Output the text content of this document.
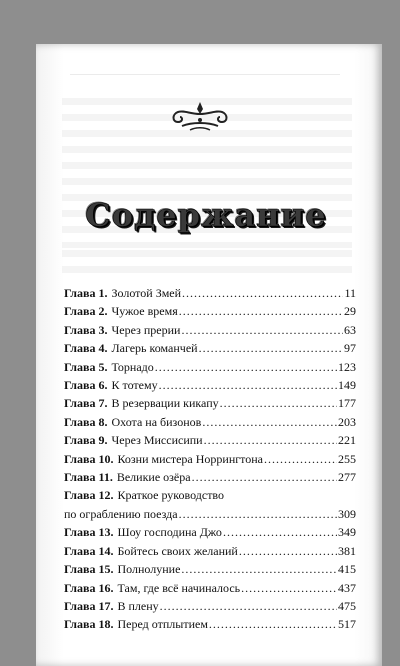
Содержание
Глава 1. Золотой Змей .....	11
Глава 2. Чужое время .....	29
Глава 3. Через прерии .....	63
Глава 4. Лагерь команчей .....	97
Глава 5. Торнадо .....	123
Глава 6. К тотему .....	149
Глава 7. В резервации кикапу .....	177
Глава 8. Охота на бизонов .....	203
Глава 9. Через Миссисипи .....	221
Глава 10. Козни мистера Норрингтона .....	255
Глава 11. Великие озёра .....	277
Глава 12. Краткое руководство
по ограблению поезда .....	309
Глава 13. Шоу господина Джо .....	349
Глава 14. Бойтесь своих желаний .....	381
Глава 15. Полнолуние .....	415
Глава 16. Там, где всё начиналось .....	437
Глава 17. В плену .....	475
Глава 18. Перед отплытием .....	517
